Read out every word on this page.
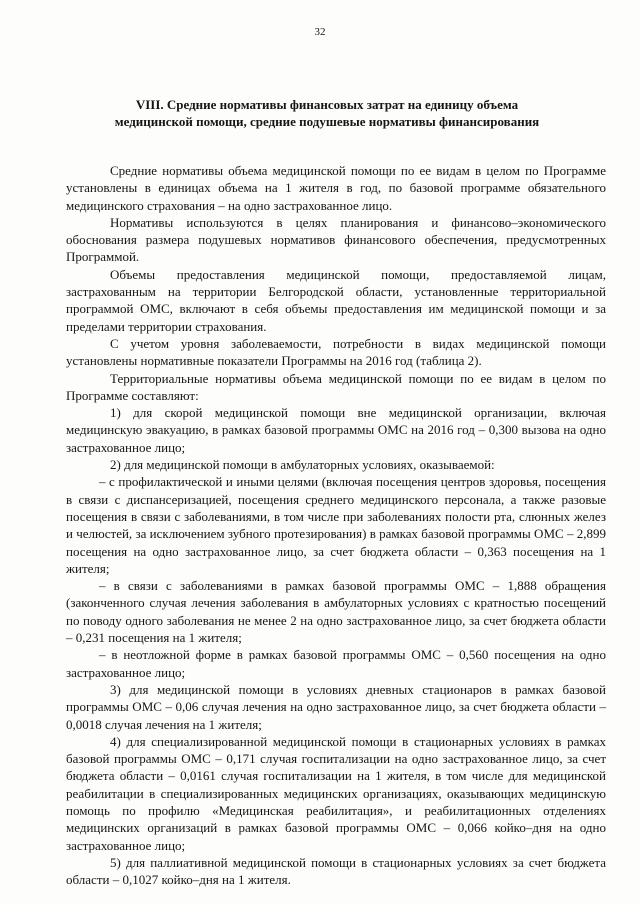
32
VIII. Средние нормативы финансовых затрат на единицу объема
медицинской помощи, средние подушевые нормативы финансирования

Средние нормативы объема медицинской помощи по ее видам в целом по Программе установлены в единицах объема на 1 жителя в год, по базовой программе обязательного медицинского страхования – на одно застрахованное лицо.

Нормативы используются в целях планирования и финансово–экономического обоснования размера подушевых нормативов финансового обеспечения, предусмотренных Программой.

Объемы предоставления медицинской помощи, предоставляемой лицам, застрахованным на территории Белгородской области, установленные территориальной программой ОМС, включают в себя объемы предоставления им медицинской помощи и за пределами территории страхования.

С учетом уровня заболеваемости, потребности в видах медицинской помощи установлены нормативные показатели Программы на 2016 год (таблица 2).

Территориальные нормативы объема медицинской помощи по ее видам в целом по Программе составляют:

1) для скорой медицинской помощи вне медицинской организации, включая медицинскую эвакуацию, в рамках базовой программы ОМС на 2016 год – 0,300 вызова на одно застрахованное лицо;

2) для медицинской помощи в амбулаторных условиях, оказываемой:

– с профилактической и иными целями (включая посещения центров здоровья, посещения в связи с диспансеризацией, посещения среднего медицинского персонала, а также разовые посещения в связи с заболеваниями, в том числе при заболеваниях полости рта, слюнных желез и челюстей, за исключением зубного протезирования) в рамках базовой программы ОМС – 2,899 посещения на одно застрахованное лицо, за счет бюджета области – 0,363 посещения на 1 жителя;

– в связи с заболеваниями в рамках базовой программы ОМС – 1,888 обращения (законченного случая лечения заболевания в амбулаторных условиях с кратностью посещений по поводу одного заболевания не менее 2 на одно застрахованное лицо, за счет бюджета области – 0,231 посещения на 1 жителя;

– в неотложной форме в рамках базовой программы ОМС – 0,560 посещения на одно застрахованное лицо;

3) для медицинской помощи в условиях дневных стационаров в рамках базовой программы ОМС – 0,06 случая лечения на одно застрахованное лицо, за счет бюджета области – 0,0018 случая лечения на 1 жителя;

4) для специализированной медицинской помощи в стационарных условиях в рамках базовой программы ОМС – 0,171 случая госпитализации на одно застрахованное лицо, за счет бюджета области – 0,0161 случая госпитализации на 1 жителя, в том числе для медицинской реабилитации в специализированных медицинских организациях, оказывающих медицинскую помощь по профилю «Медицинская реабилитация», и реабилитационных отделениях медицинских организаций в рамках базовой программы ОМС – 0,066 койко–дня на одно застрахованное лицо;

5) для паллиативной медицинской помощи в стационарных условиях за счет бюджета области – 0,1027 койко–дня на 1 жителя.
